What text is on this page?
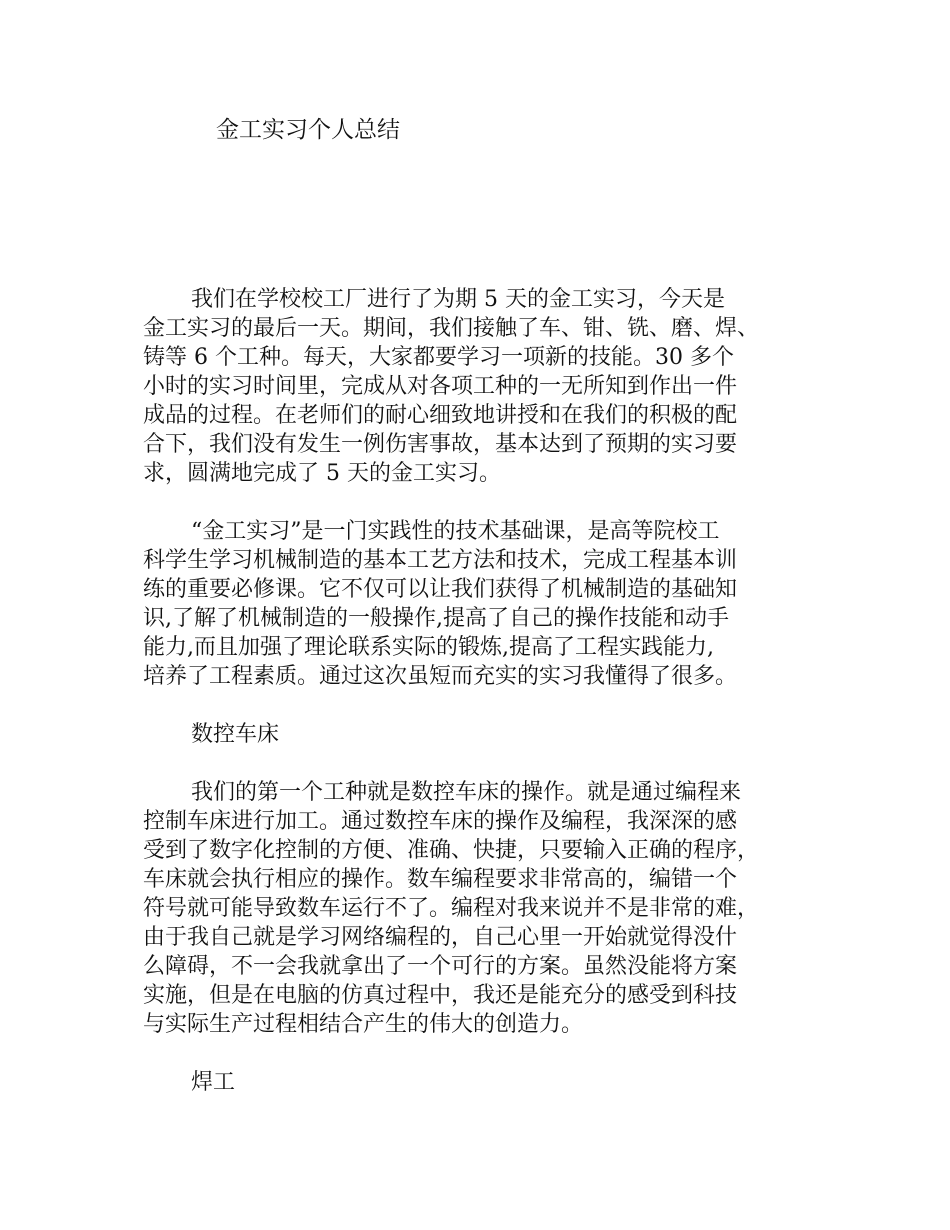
金工实习个人总结

我们在学校校工厂进行了为期 5 天的金工实习，今天是
金工实习的最后一天。期间，我们接触了车、钳、铣、磨、焊、
铸等 6 个工种。每天，大家都要学习一项新的技能。30 多个
小时的实习时间里，完成从对各项工种的一无所知到作出一件
成品的过程。在老师们的耐心细致地讲授和在我们的积极的配
合下，我们没有发生一例伤害事故，基本达到了预期的实习要
求，圆满地完成了 5 天的金工实习。

“金工实习”是一门实践性的技术基础课，是高等院校工
科学生学习机械制造的基本工艺方法和技术，完成工程基本训
练的重要必修课。它不仅可以让我们获得了机械制造的基础知
识,了解了机械制造的一般操作,提高了自己的操作技能和动手
能力,而且加强了理论联系实际的锻炼,提高了工程实践能力,
培养了工程素质。通过这次虽短而充实的实习我懂得了很多。

数控车床

我们的第一个工种就是数控车床的操作。就是通过编程来
控制车床进行加工。通过数控车床的操作及编程，我深深的感
受到了数字化控制的方便、准确、快捷，只要输入正确的程序，
车床就会执行相应的操作。数车编程要求非常高的，编错一个
符号就可能导致数车运行不了。编程对我来说并不是非常的难，
由于我自己就是学习网络编程的，自己心里一开始就觉得没什
么障碍，不一会我就拿出了一个可行的方案。虽然没能将方案
实施，但是在电脑的仿真过程中，我还是能充分的感受到科技
与实际生产过程相结合产生的伟大的创造力。

焊工
